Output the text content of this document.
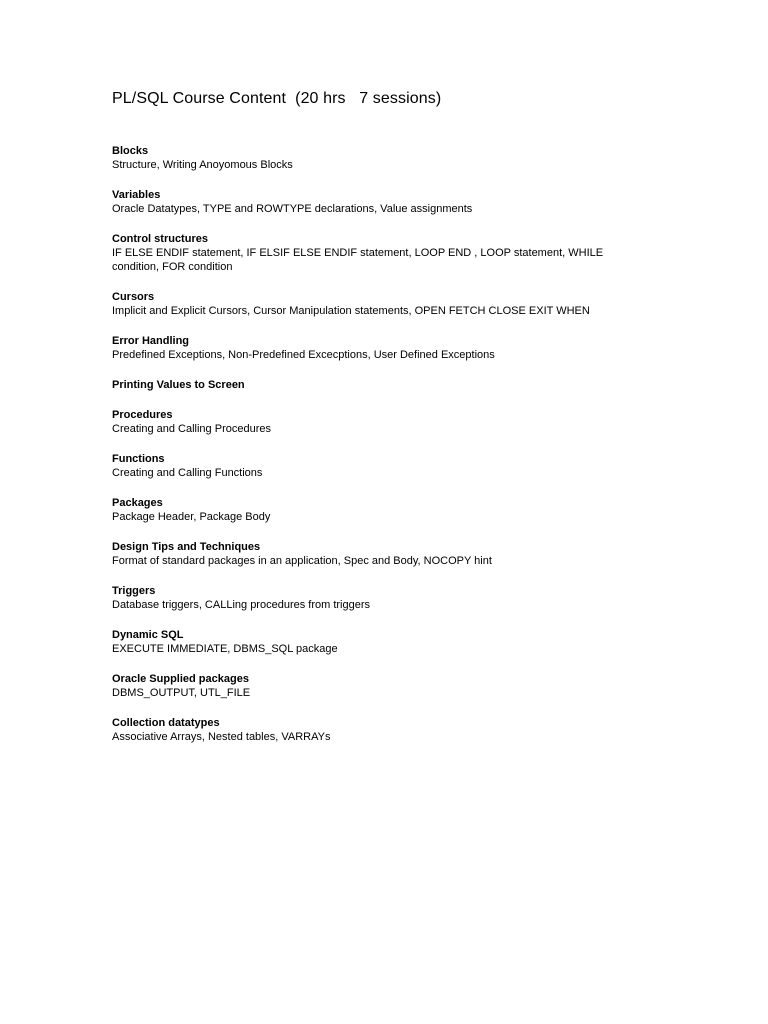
PL/SQL Course Content  (20 hrs   7 sessions)

Blocks

Structure, Writing Anoyomous Blocks

Variables

Oracle Datatypes, TYPE and ROWTYPE declarations, Value assignments

Control structures

IF ELSE ENDIF statement, IF ELSIF ELSE ENDIF statement, LOOP END , LOOP statement, WHILE condition, FOR condition

Cursors

Implicit and Explicit Cursors, Cursor Manipulation statements, OPEN FETCH CLOSE EXIT WHEN

Error Handling

Predefined Exceptions, Non-Predefined Excecptions, User Defined Exceptions

Printing Values to Screen

Procedures

Creating and Calling Procedures

Functions

Creating and Calling Functions

Packages

Package Header, Package Body

Design Tips and Techniques

Format of standard packages in an application, Spec and Body, NOCOPY hint

Triggers

Database triggers, CALLing procedures from triggers

Dynamic SQL

EXECUTE IMMEDIATE, DBMS_SQL package

Oracle Supplied packages

DBMS_OUTPUT, UTL_FILE

Collection datatypes

Associative Arrays, Nested tables, VARRAYs
